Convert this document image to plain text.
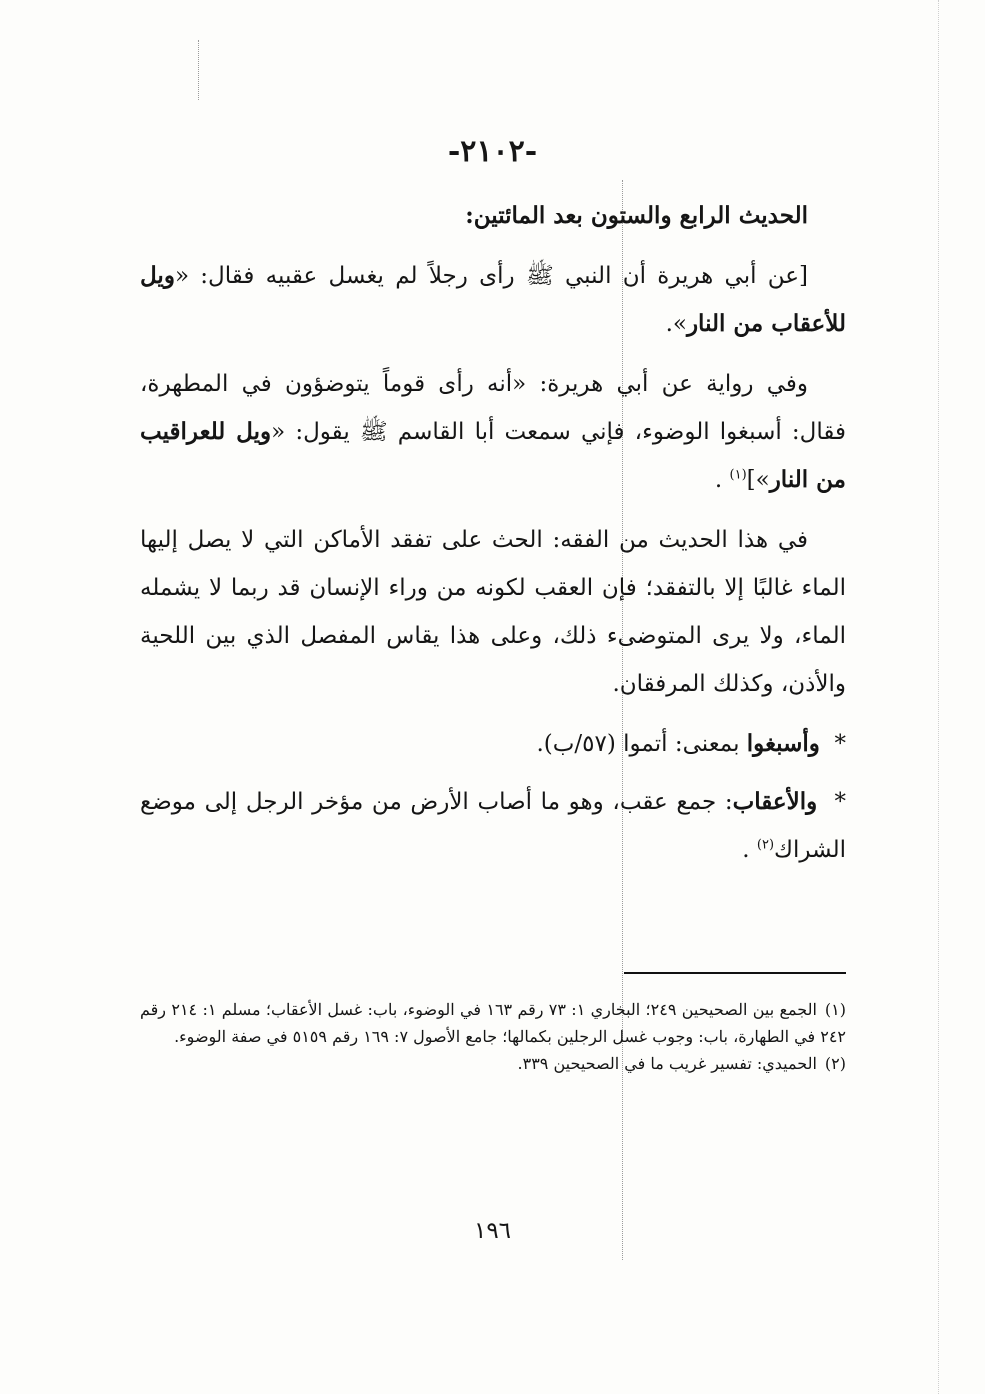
-٢١٠٢-

الحديث الرابع والستون بعد المائتين:

[عن أبي هريرة أن النبي ﷺ رأى رجلاً لم يغسل عقبيه فقال: «ويل للأعقاب من النار».

وفي رواية عن أبي هريرة: «أنه رأى قوماً يتوضؤون في المطهرة، فقال: أسبغوا الوضوء، فإني سمعت أبا القاسم ﷺ يقول: «ويل للعراقيب من النار»]$^{(١)}$ .

في هذا الحديث من الفقه: الحث على تفقد الأماكن التي لا يصل إليها الماء غالبًا إلا بالتفقد؛ فإن العقب لكونه من وراء الإنسان قد ربما لا يشمله الماء، ولا يرى المتوضىء ذلك، وعلى هذا يقاس المفصل الذي بين اللحية والأذن، وكذلك المرفقان.

*  وأسبغوا بمعنى: أتموا (٥٧/ب).

*  والأعقاب: جمع عقب، وهو ما أصاب الأرض من مؤخر الرجل إلى موضع الشراك$^{(٢)}$ .

(١)الجمع بين الصحيحين ٢٤٩؛ البخاري ١: ٧٣ رقم ١٦٣ في الوضوء، باب: غسل الأعقاب؛ مسلم ١: ٢١٤ رقم ٢٤٢ في الطهارة، باب: وجوب غسل الرجلين بكمالها؛ جامع الأصول ٧: ١٦٩ رقم ٥١٥٩ في صفة الوضوء.

(٢)الحميدي: تفسير غريب ما في الصحيحين ٣٣٩.

١٩٦
